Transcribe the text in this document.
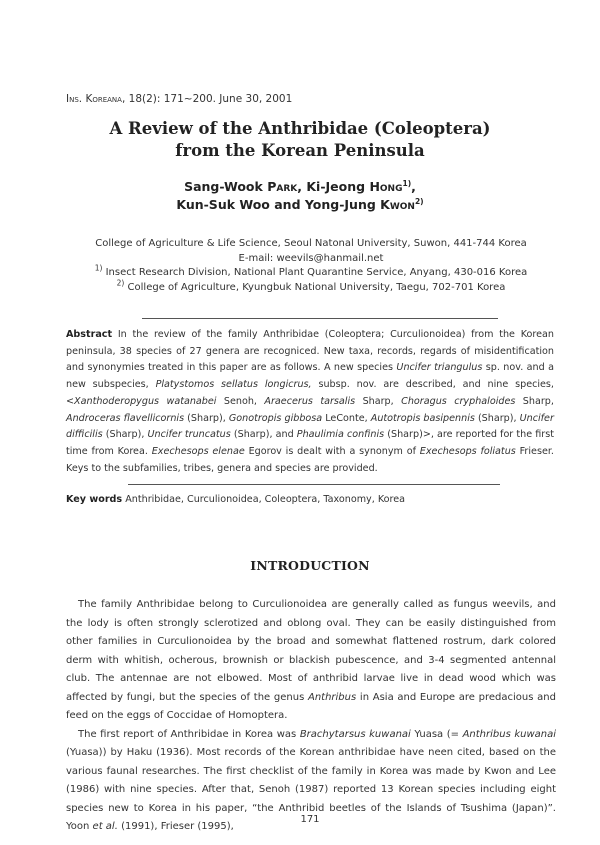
Ins. Koreana, 18(2): 171~200. June 30, 2001
A Review of the Anthribidae (Coleoptera)
from the Korean Peninsula
Sang-Wook Park, Ki-Jeong Hong$^{1)}$,
Kun-Suk Woo and Yong-Jung Kwon$^{2)}$
College of Agriculture & Life Science, Seoul Natonal University, Suwon, 441-744 Korea
E-mail: weevils@hanmail.net
$^{1)}$ Insect Research Division, National Plant Quarantine Service, Anyang, 430-016 Korea
$^{2)}$ College of Agriculture, Kyungbuk National University, Taegu, 702-701 Korea
Abstract In the review of the family Anthribidae (Coleoptera; Curculionoidea) from the Korean peninsula, 38 species of 27 genera are recogniced. New taxa, records, regards of misidentification and synonymies treated in this paper are as follows. A new species Uncifer triangulus sp. nov. and a new subspecies, Platystomos sellatus longicrus, subsp. nov. are described, and nine species, <Xanthoderopygus watanabei Senoh, Araecerus tarsalis Sharp, Choragus cryphaloides Sharp, Androceras flavellicornis (Sharp), Gonotropis gibbosa LeConte, Autotropis basipennis (Sharp), Uncifer difficilis (Sharp), Uncifer truncatus (Sharp), and Phaulimia confinis (Sharp)>, are reported for the first time from Korea. Exechesops elenae Egorov is dealt with a synonym of Exechesops foliatus Frieser. Keys to the subfamilies, tribes, genera and species are provided.
Key words Anthribidae, Curculionoidea, Coleoptera, Taxonomy, Korea
INTRODUCTION

The family Anthribidae belong to Curculionoidea are generally called as fungus weevils, and the lody is often strongly sclerotized and oblong oval. They can be easily distinguished from other families in Curculionoidea by the broad and somewhat flattened rostrum, dark colored derm with whitish, ocherous, brownish or blackish pubescence, and 3-4 segmented antennal club. The antennae are not elbowed. Most of anthribid larvae live in dead wood which was affected by fungi, but the species of the genus Anthribus in Asia and Europe are predacious and feed on the eggs of Coccidae of Homoptera.

The first report of Anthribidae in Korea was Brachytarsus kuwanai Yuasa (= Anthribus kuwanai (Yuasa)) by Haku (1936). Most records of the Korean anthribidae have neen cited, based on the various faunal researches. The first checklist of the family in Korea was made by Kwon and Lee (1986) with nine species. After that, Senoh (1987) reported 13 Korean species including eight species new to Korea in his paper, “the Anthribid beetles of the Islands of Tsushima (Japan)”. Yoon et al. (1991), Frieser (1995),

171
